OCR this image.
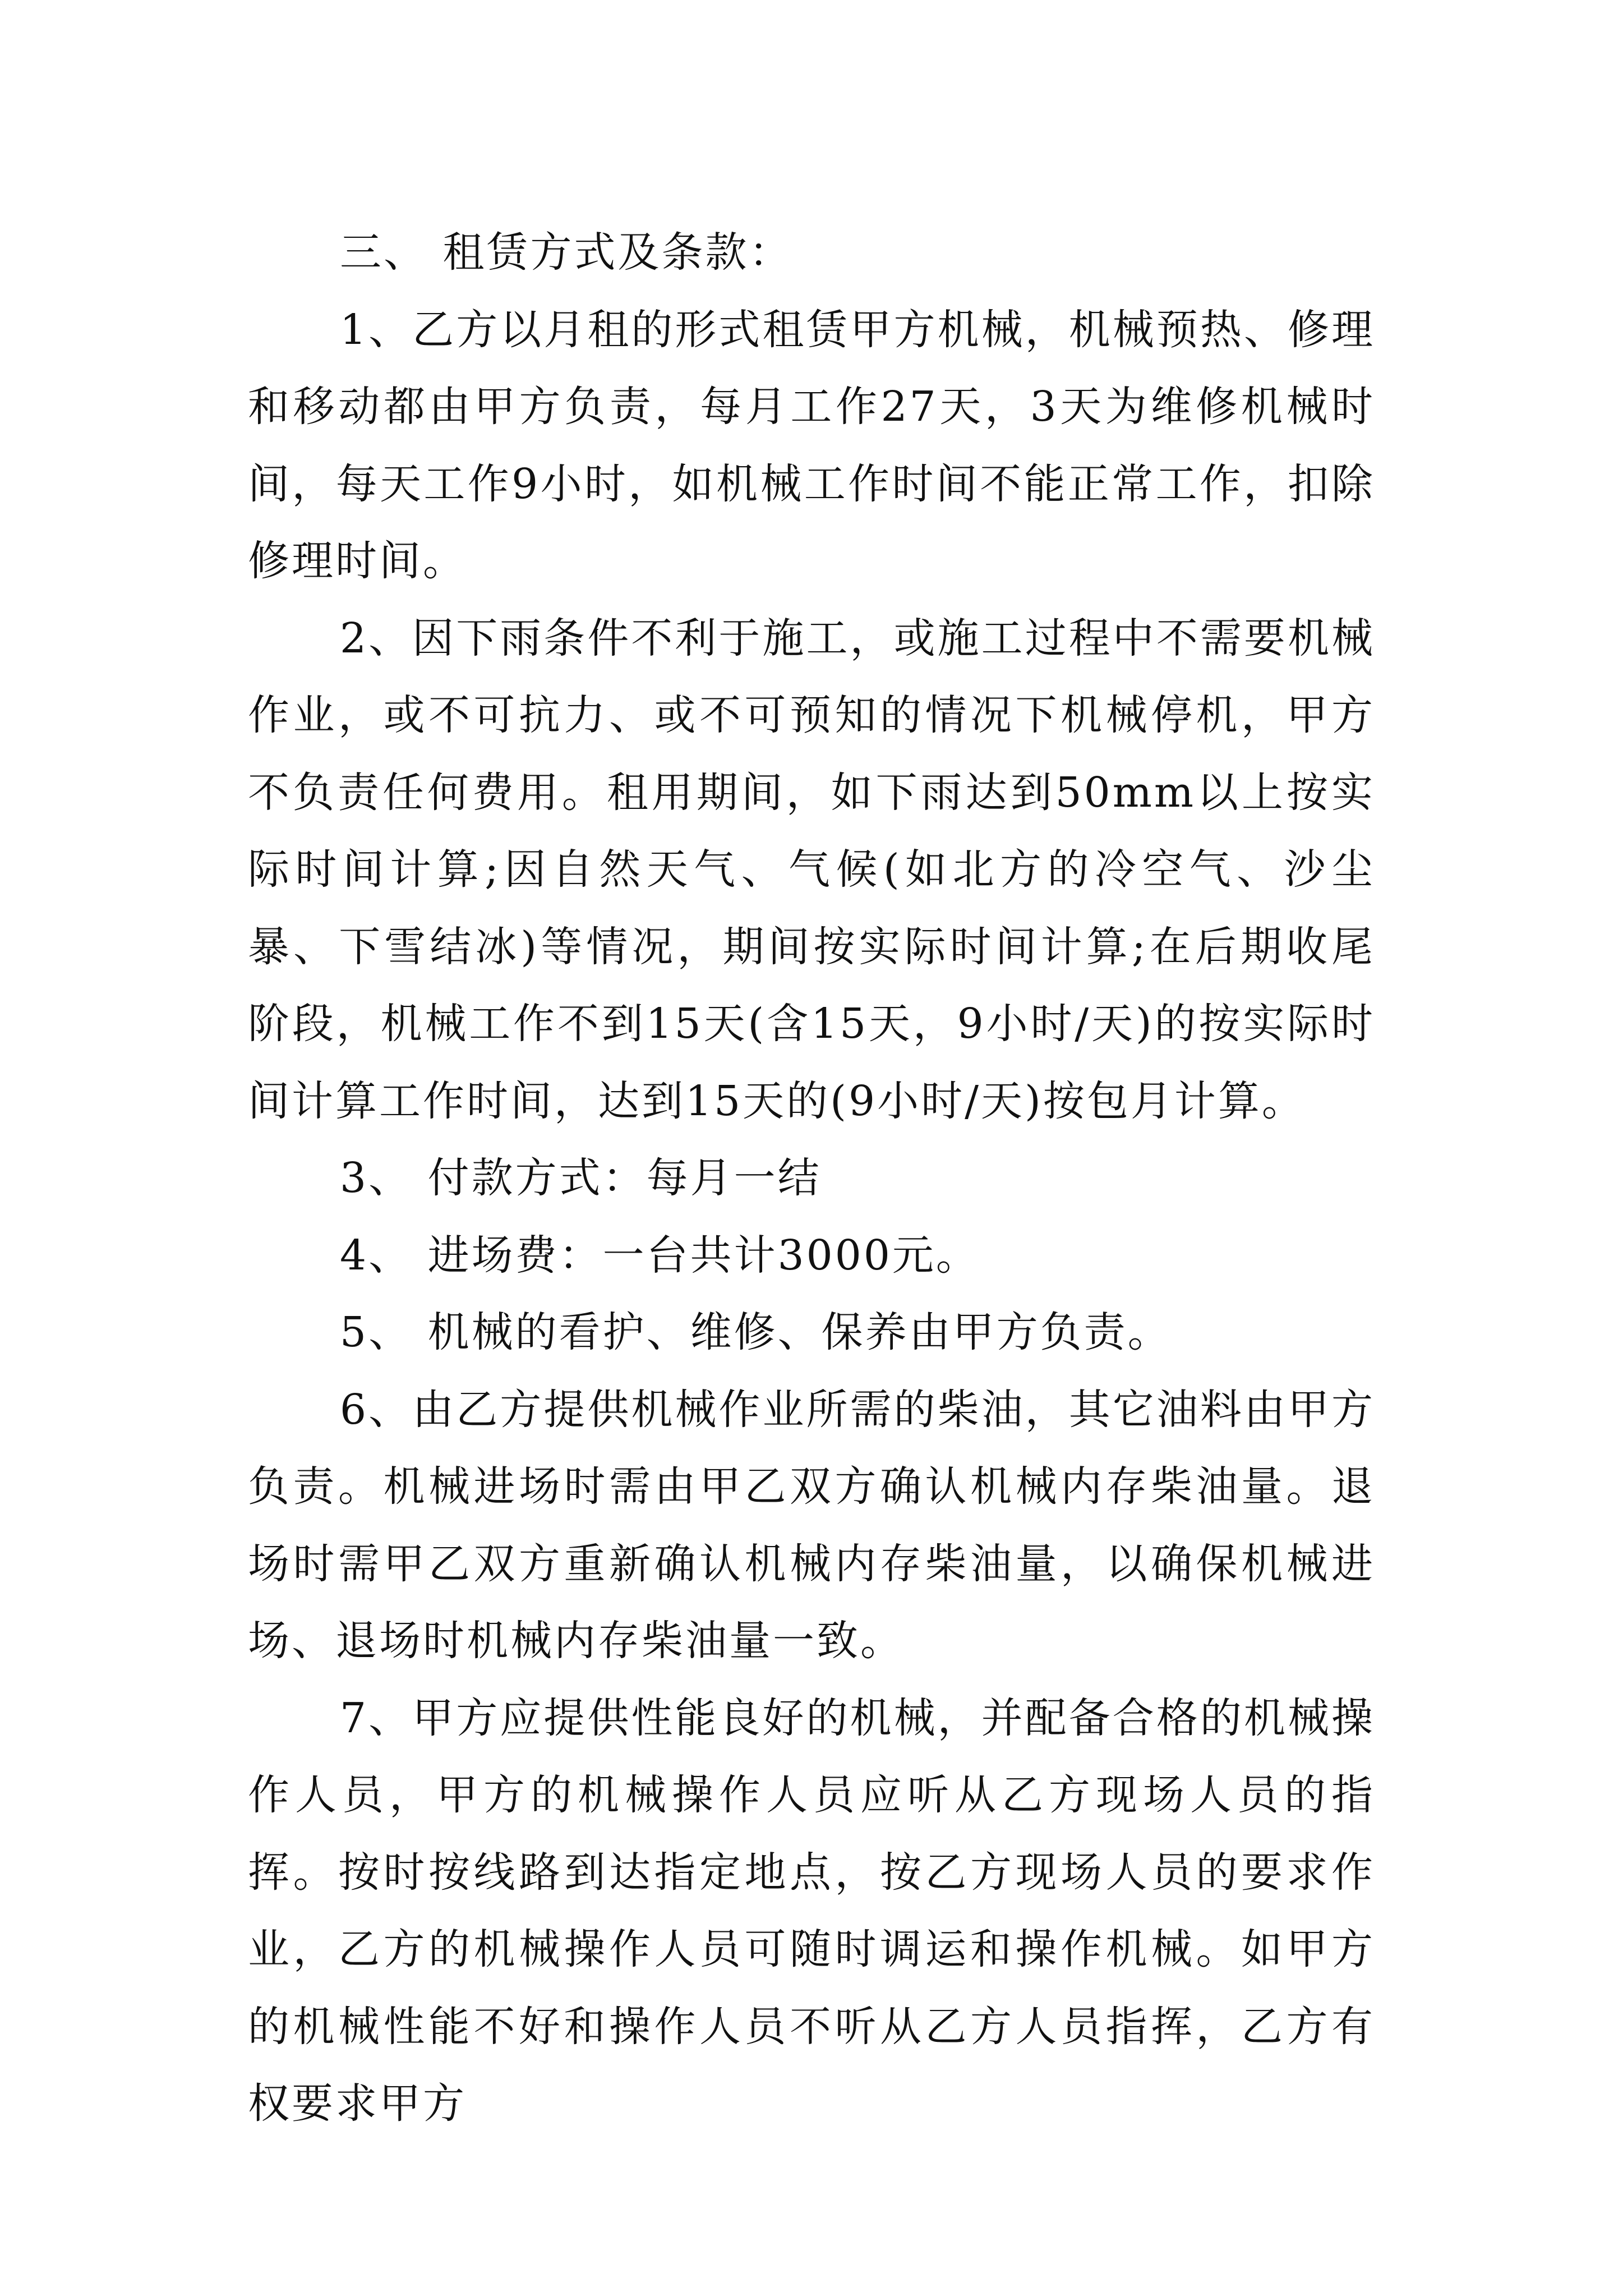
三、 租赁方式及条款：

1、乙方以月租的形式租赁甲方机械，机械预热、修理和移动都由甲方负责，每月工作27天，3天为维修机械时间，每天工作9小时，如机械工作时间不能正常工作，扣除修理时间。

2、因下雨条件不利于施工，或施工过程中不需要机械作业，或不可抗力、或不可预知的情况下机械停机，甲方不负责任何费用。租用期间，如下雨达到50mm以上按实际时间计算;因自然天气、气候(如北方的冷空气、沙尘暴、下雪结冰)等情况，期间按实际时间计算;在后期收尾阶段，机械工作不到15天(含15天，9小时/天)的按实际时间计算工作时间，达到15天的(9小时/天)按包月计算。

3、 付款方式：每月一结

4、 进场费：一台共计3000元。

5、 机械的看护、维修、保养由甲方负责。

6、由乙方提供机械作业所需的柴油，其它油料由甲方负责。机械进场时需由甲乙双方确认机械内存柴油量。退场时需甲乙双方重新确认机械内存柴油量，以确保机械进场、退场时机械内存柴油量一致。

7、甲方应提供性能良好的机械，并配备合格的机械操作人员，甲方的机械操作人员应听从乙方现场人员的指挥。按时按线路到达指定地点，按乙方现场人员的要求作业，乙方的机械操作人员可随时调运和操作机械。如甲方的机械性能不好和操作人员不听从乙方人员指挥，乙方有权要求甲方
